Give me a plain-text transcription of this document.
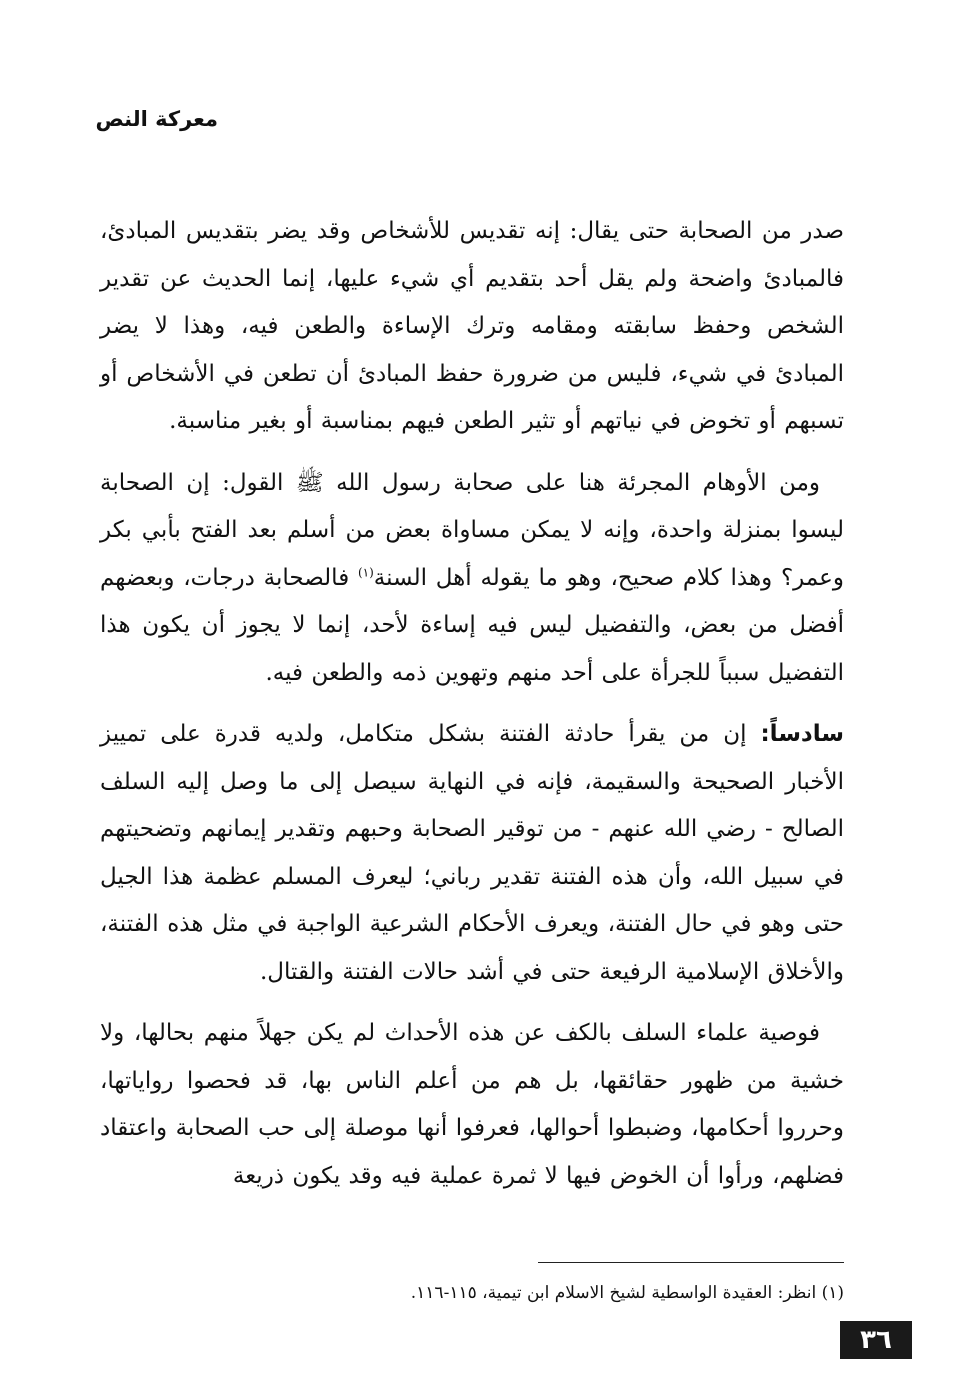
معركة النص

صدر من الصحابة حتى يقال: إنه تقديس للأشخاص وقد يضر بتقديس المبادئ، فالمبادئ واضحة ولم يقل أحد بتقديم أي شيء عليها، إنما الحديث عن تقدير الشخص وحفظ سابقته ومقامه وترك الإساءة والطعن فيه، وهذا لا يضر المبادئ في شيء، فليس من ضرورة حفظ المبادئ أن تطعن في الأشخاص أو تسبهم أو تخوض في نياتهم أو تثير الطعن فيهم بمناسبة أو بغير مناسبة.

ومن الأوهام المجرئة هنا على صحابة رسول الله ﷺ القول: إن الصحابة ليسوا بمنزلة واحدة، وإنه لا يمكن مساواة بعض من أسلم بعد الفتح بأبي بكر وعمر؟ وهذا كلام صحيح، وهو ما يقوله أهل السنة$^{(١)}$ فالصحابة درجات، وبعضهم أفضل من بعض، والتفضيل ليس فيه إساءة لأحد، إنما لا يجوز أن يكون هذا التفضيل سبباً للجرأة على أحد منهم وتهوين ذمه والطعن فيه.

سادساً: إن من يقرأ حادثة الفتنة بشكل متكامل، ولديه قدرة على تمييز الأخبار الصحيحة والسقيمة، فإنه في النهاية سيصل إلى ما وصل إليه السلف الصالح - رضي الله عنهم - من توقير الصحابة وحبهم وتقدير إيمانهم وتضحيتهم في سبيل الله، وأن هذه الفتنة تقدير رباني؛ ليعرف المسلم عظمة هذا الجيل حتى وهو في حال الفتنة، ويعرف الأحكام الشرعية الواجبة في مثل هذه الفتنة، والأخلاق الإسلامية الرفيعة حتى في أشد حالات الفتنة والقتال.

فوصية علماء السلف بالكف عن هذه الأحداث لم يكن جهلاً منهم بحالها، ولا خشية من ظهور حقائقها، بل هم من أعلم الناس بها، قد فحصوا رواياتها، وحرروا أحكامها، وضبطوا أحوالها، فعرفوا أنها موصلة إلى حب الصحابة واعتقاد فضلهم، ورأوا أن الخوض فيها لا ثمرة عملية فيه وقد يكون ذريعة

(١) انظر: العقيدة الواسطية لشيخ الاسلام ابن تيمية، ١١٥-١١٦.
٣٦
